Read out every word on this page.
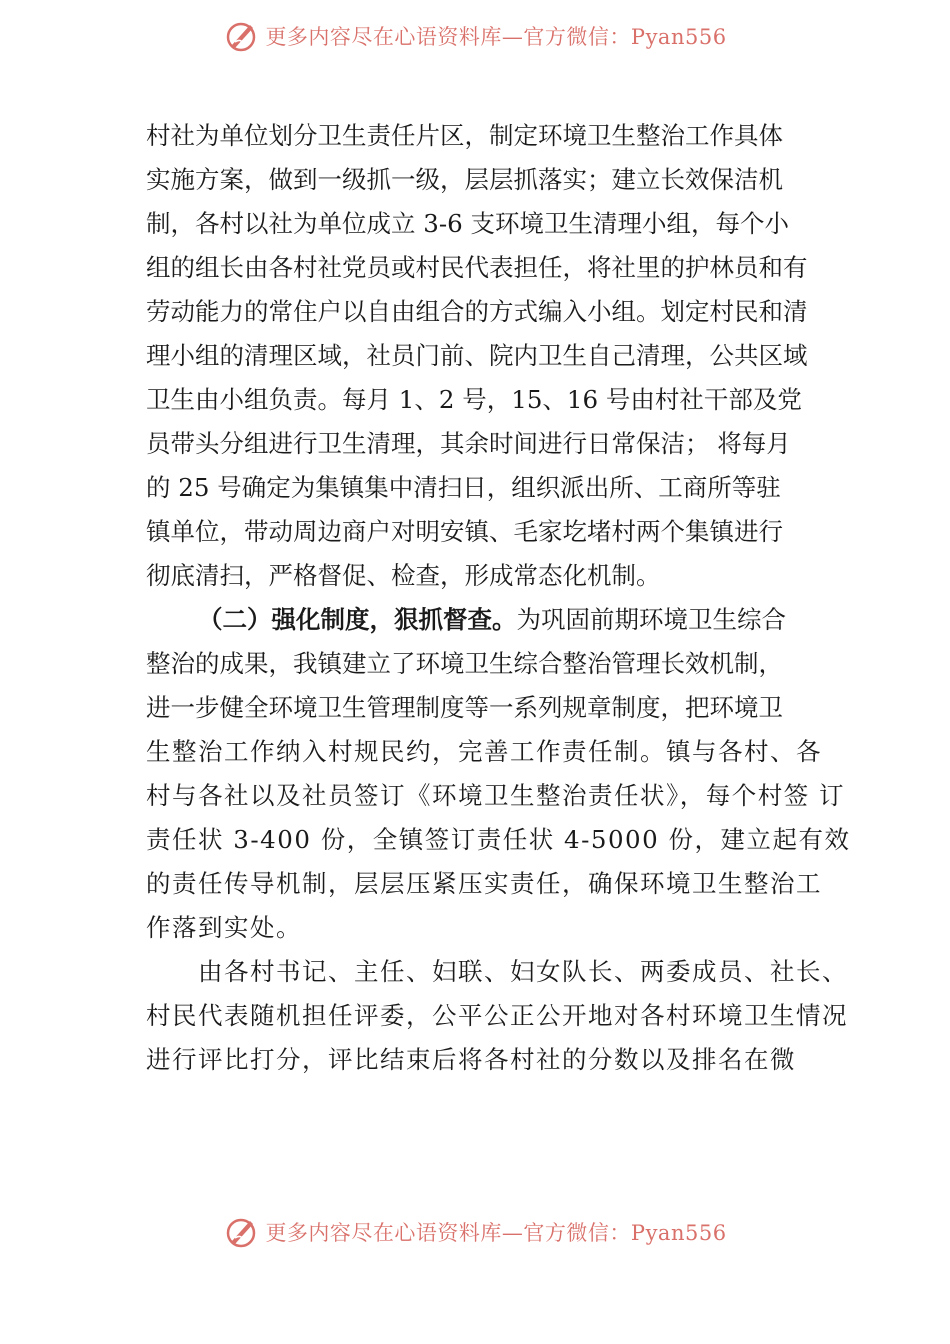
更多内容尽在心语资料库—官方微信：Pyan556
村社为单位划分卫生责任片区，制定环境卫生整治工作具体
实施方案，做到一级抓一级，层层抓落实；建立长效保洁机
制，各村以社为单位成立 3-6 支环境卫生清理小组，每个小
组的组长由各村社党员或村民代表担任，将社里的护林员和有
劳动能力的常住户以自由组合的方式编入小组。划定村民和清
理小组的清理区域，社员门前、院内卫生自己清理，公共区域
卫生由小组负责。每月 1、2 号，15、16 号由村社干部及党
员带头分组进行卫生清理，其余时间进行日常保洁； 将每月
的 25 号确定为集镇集中清扫日，组织派出所、工商所等驻
镇单位，带动周边商户对明安镇、毛家圪堵村两个集镇进行
彻底清扫，严格督促、检查，形成常态化机制。
（二）强化制度，狠抓督查。为巩固前期环境卫生综合
整治的成果，我镇建立了环境卫生综合整治管理长效机制，
进一步健全环境卫生管理制度等一系列规章制度，把环境卫
生整治工作纳入村规民约，完善工作责任制。镇与各村、各
村与各社以及社员签订《环境卫生整治责任状》，每个村签 订
责任状 3-400 份，全镇签订责任状 4-5000 份，建立起有效
的责任传导机制，层层压紧压实责任，确保环境卫生整治工
作落到实处。
由各村书记、主任、妇联、妇女队长、两委成员、社长、
村民代表随机担任评委，公平公正公开地对各村环境卫生情况
进行评比打分，评比结束后将各村社的分数以及排名在微
更多内容尽在心语资料库—官方微信：Pyan556
